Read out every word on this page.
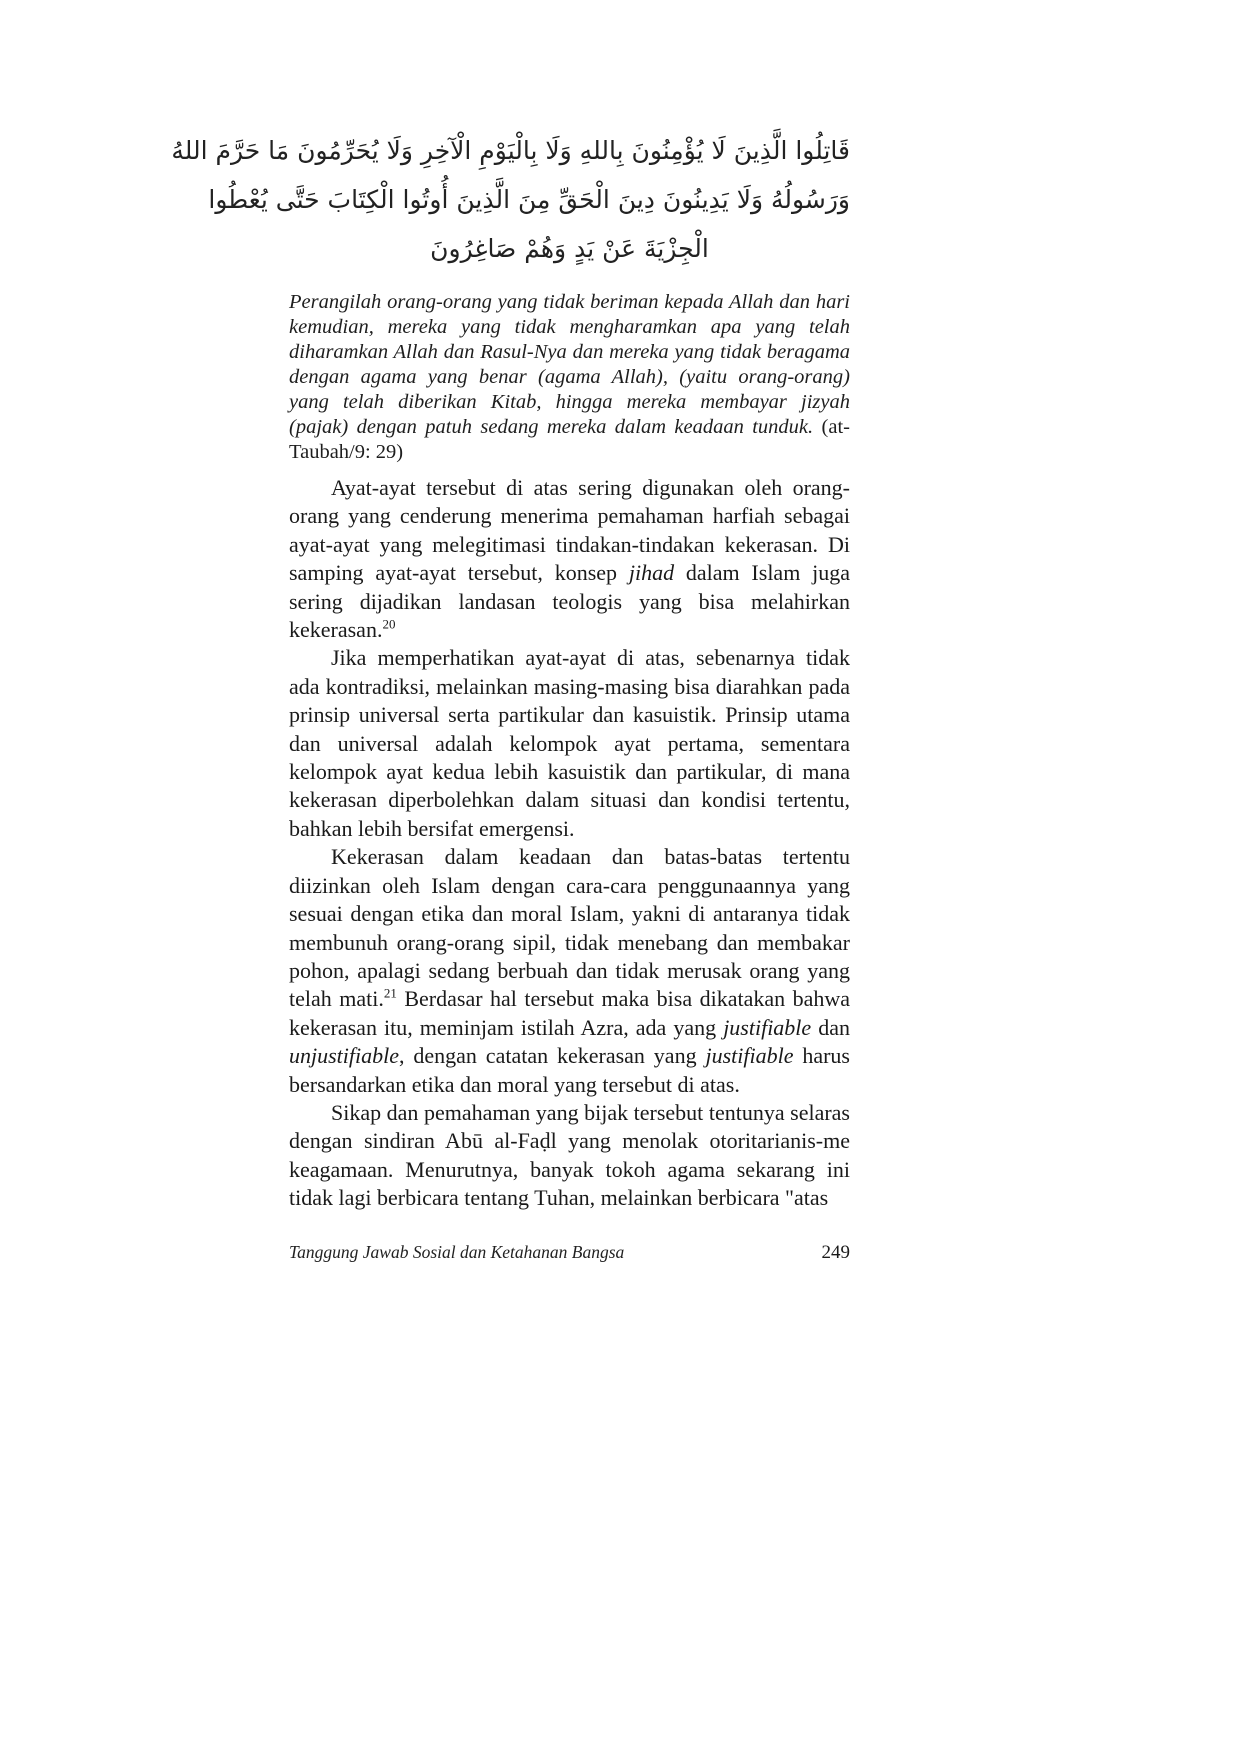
قَاتِلُوا الَّذِينَ لَا يُؤْمِنُونَ بِاللهِ وَلَا بِالْيَوْمِ الْآخِرِ وَلَا يُحَرِّمُونَ مَا حَرَّمَ اللهُ
وَرَسُولُهُ وَلَا يَدِينُونَ دِينَ الْحَقِّ مِنَ الَّذِينَ أُوتُوا الْكِتَابَ حَتَّى يُعْطُوا
الْجِزْيَةَ عَنْ يَدٍ وَهُمْ صَاغِرُونَ
Perangilah orang-orang yang tidak beriman kepada Allah dan hari kemudian, mereka yang tidak mengharamkan apa yang telah diharamkan Allah dan Rasul-Nya dan mereka yang tidak beragama dengan agama yang benar (agama Allah), (yaitu orang-orang) yang telah diberikan Kitab, hingga mereka membayar jizyah (pajak) dengan patuh sedang mereka dalam keadaan tunduk. (at-Taubah/9: 29)

Ayat-ayat tersebut di atas sering digunakan oleh orang-orang yang cenderung menerima pemahaman harfiah sebagai ayat-ayat yang melegitimasi tindakan-tindakan kekerasan. Di samping ayat-ayat tersebut, konsep jihad dalam Islam juga sering dijadikan landasan teologis yang bisa melahirkan kekerasan.$^{20}$

Jika memperhatikan ayat-ayat di atas, sebenarnya tidak ada kontradiksi, melainkan masing-masing bisa diarahkan pada prinsip universal serta partikular dan kasuistik. Prinsip utama dan universal adalah kelompok ayat pertama, sementara kelompok ayat kedua lebih kasuistik dan partikular, di mana kekerasan diperbolehkan dalam situasi dan kondisi tertentu, bahkan lebih bersifat emergensi.

Kekerasan dalam keadaan dan batas-batas tertentu diizinkan oleh Islam dengan cara-cara penggunaannya yang sesuai dengan etika dan moral Islam, yakni di antaranya tidak membunuh orang-orang sipil, tidak menebang dan membakar pohon, apalagi sedang berbuah dan tidak merusak orang yang telah mati.$^{21}$ Berdasar hal tersebut maka bisa dikatakan bahwa kekerasan itu, meminjam istilah Azra, ada yang justifiable dan unjustifiable, dengan catatan kekerasan yang justifiable harus bersandarkan etika dan moral yang tersebut di atas.

Sikap dan pemahaman yang bijak tersebut tentunya selaras dengan sindiran Abū al-Faḍl yang menolak otoritarianis-me keagamaan. Menurutnya, banyak tokoh agama sekarang ini tidak lagi berbicara tentang Tuhan, melainkan berbicara "atas

Tanggung Jawab Sosial dan Ketahanan Bangsa	249
